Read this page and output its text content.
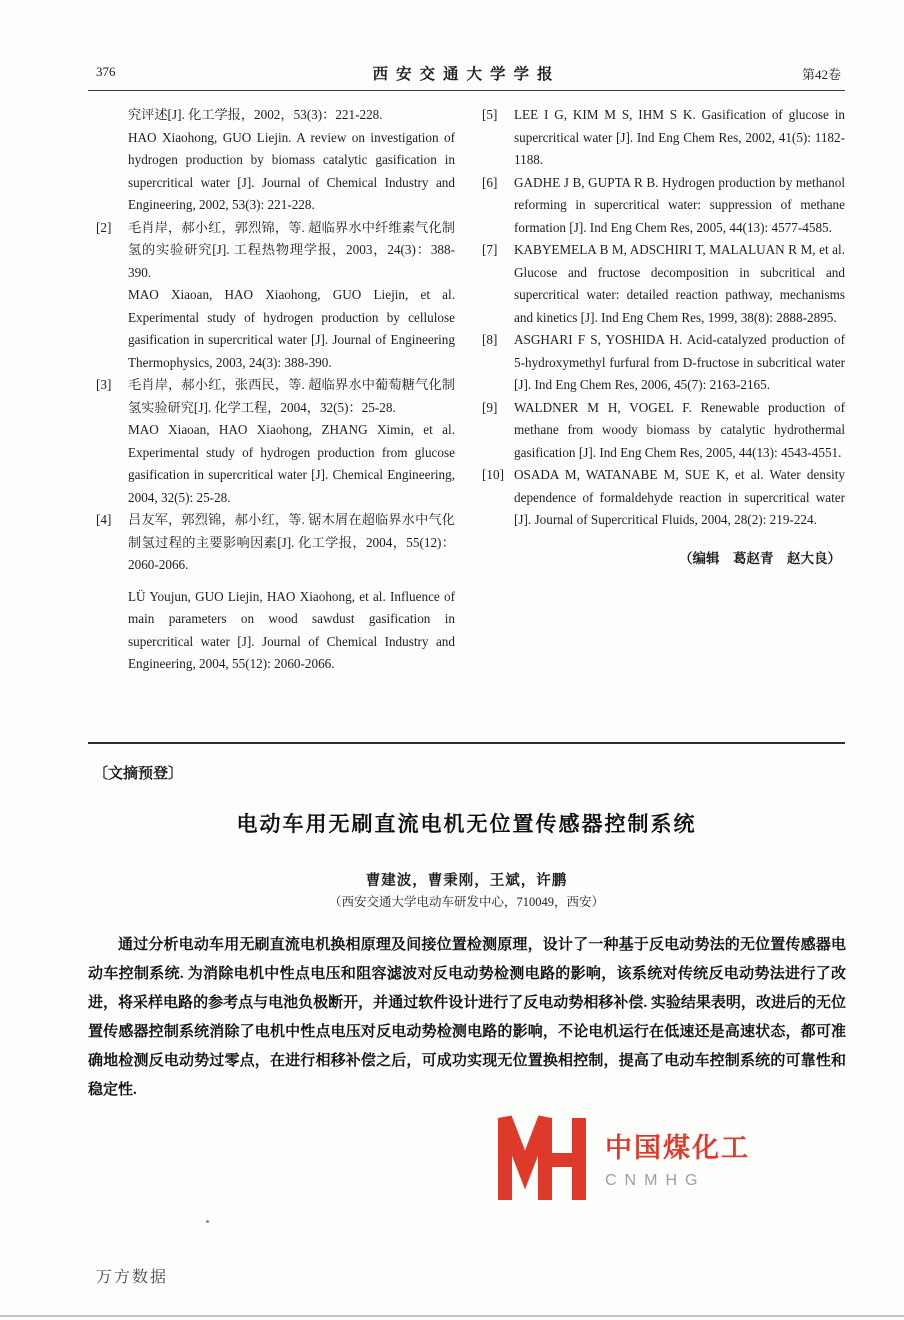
376	西安交通大学学报	第42卷

究评述[J]. 化工学报，2002，53(3)：221-228.

HAO Xiaohong, GUO Liejin. A review on investigation of hydrogen production by biomass catalytic gasification in supercritical water [J]. Journal of Chemical Industry and Engineering, 2002, 53(3): 221-228.

[2]	毛肖岸，郝小红，郭烈锦，等. 超临界水中纤维素气化制氢的实验研究[J]. 工程热物理学报，2003，24(3)：388-390.

MAO Xiaoan, HAO Xiaohong, GUO Liejin, et al. Experimental study of hydrogen production by cellulose gasification in supercritical water [J]. Journal of Engineering Thermophysics, 2003, 24(3): 388-390.

[3]	毛肖岸，郝小红，张西民，等. 超临界水中葡萄糖气化制氢实验研究[J]. 化学工程，2004，32(5)：25-28.

MAO Xiaoan, HAO Xiaohong, ZHANG Ximin, et al. Experimental study of hydrogen production from glucose gasification in supercritical water [J]. Chemical Engineering, 2004, 32(5): 25-28.

[4]	吕友军，郭烈锦，郝小红，等. 锯木屑在超临界水中气化制氢过程的主要影响因素[J]. 化工学报，2004，55(12)：2060-2066.

LÜ Youjun, GUO Liejin, HAO Xiaohong, et al. Influence of main parameters on wood sawdust gasification in supercritical water [J]. Journal of Chemical Industry and Engineering, 2004, 55(12): 2060-2066.

[5]	LEE I G, KIM M S, IHM S K. Gasification of glucose in supercritical water [J]. Ind Eng Chem Res, 2002, 41(5): 1182-1188.

[6]	GADHE J B, GUPTA R B. Hydrogen production by methanol reforming in supercritical water: suppression of methane formation [J]. Ind Eng Chem Res, 2005, 44(13): 4577-4585.

[7]	KABYEMELA B M, ADSCHIRI T, MALALUAN R M, et al. Glucose and fructose decomposition in subcritical and supercritical water: detailed reaction pathway, mechanisms and kinetics [J]. Ind Eng Chem Res, 1999, 38(8): 2888-2895.

[8]	ASGHARI F S, YOSHIDA H. Acid-catalyzed production of 5-hydroxymethyl furfural from D-fructose in subcritical water [J]. Ind Eng Chem Res, 2006, 45(7): 2163-2165.

[9]	WALDNER M H, VOGEL F. Renewable production of methane from woody biomass by catalytic hydrothermal gasification [J]. Ind Eng Chem Res, 2005, 44(13): 4543-4551.

[10] OSADA M, WATANABE M, SUE K, et al. Water density dependence of formaldehyde reaction in supercritical water [J]. Journal of Supercritical Fluids, 2004, 28(2): 219-224.

（编辑　葛赵青　赵大良）
〔文摘预登〕
电动车用无刷直流电机无位置传感器控制系统
曹建波，曹秉刚，王斌，许鹏
（西安交通大学电动车研发中心，710049，西安）

通过分析电动车用无刷直流电机换相原理及间接位置检测原理，设计了一种基于反电动势法的无位置传感器电动车控制系统. 为消除电机中性点电压和阻容滤波对反电动势检测电路的影响，该系统对传统反电动势法进行了改进，将采样电路的参考点与电池负极断开，并通过软件设计进行了反电动势相移补偿. 实验结果表明，改进后的无位置传感器控制系统消除了电机中性点电压对反电动势检测电路的影响，不论电机运行在低速还是高速状态，都可准确地检测反电动势过零点，在进行相移补偿之后，可成功实现无位置换相控制，提高了电动车控制系统的可靠性和稳定性.

中国煤化工
CNMHG
万方数据
